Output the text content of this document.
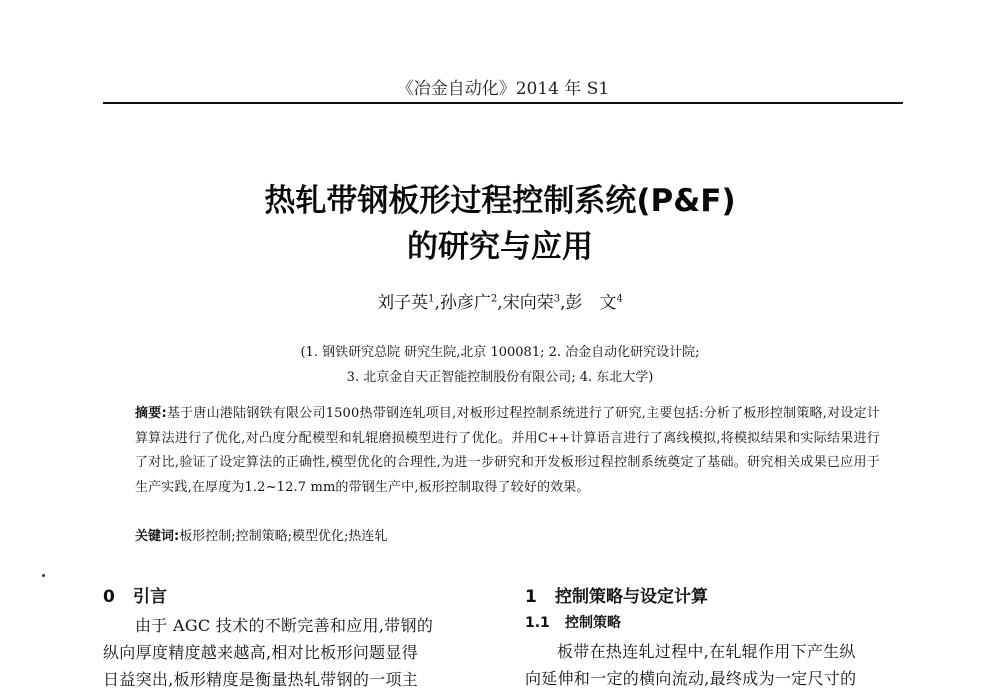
《冶金自动化》2014 年 S1
热轧带钢板形过程控制系统(P&F)
的研究与应用
刘子英$^1$,孙彦广$^2$,宋向荣$^3$,彭　文$^4$
(1. 钢铁研究总院 研究生院,北京 100081; 2. 冶金自动化研究设计院;
3. 北京金自天正智能控制股份有限公司; 4. 东北大学)
摘要:基于唐山港陆钢铁有限公司1500热带钢连轧项目,对板形过程控制系统进行了研究,主要包括:分析了板形控制策略,对设定计算算法进行了优化,对凸度分配模型和轧辊磨损模型进行了优化。并用C++计算语言进行了离线模拟,将模拟结果和实际结果进行了对比,验证了设定算法的正确性,模型优化的合理性,为进一步研究和开发板形过程控制系统奠定了基础。研究相关成果已应用于生产实践,在厚度为1.2~12.7 mm的带钢生产中,板形控制取得了较好的效果。
关键词:板形控制;控制策略;模型优化;热连轧
0 引言
由于 AGC 技术的不断完善和应用,带钢的
纵向厚度精度越来越高,相对比板形问题显得
日益突出,板形精度是衡量热轧带钢的一项主
1 控制策略与设定计算
1.1 控制策略
板带在热连轧过程中,在轧辊作用下产生纵
向延伸和一定的横向流动,最终成为一定尺寸的
